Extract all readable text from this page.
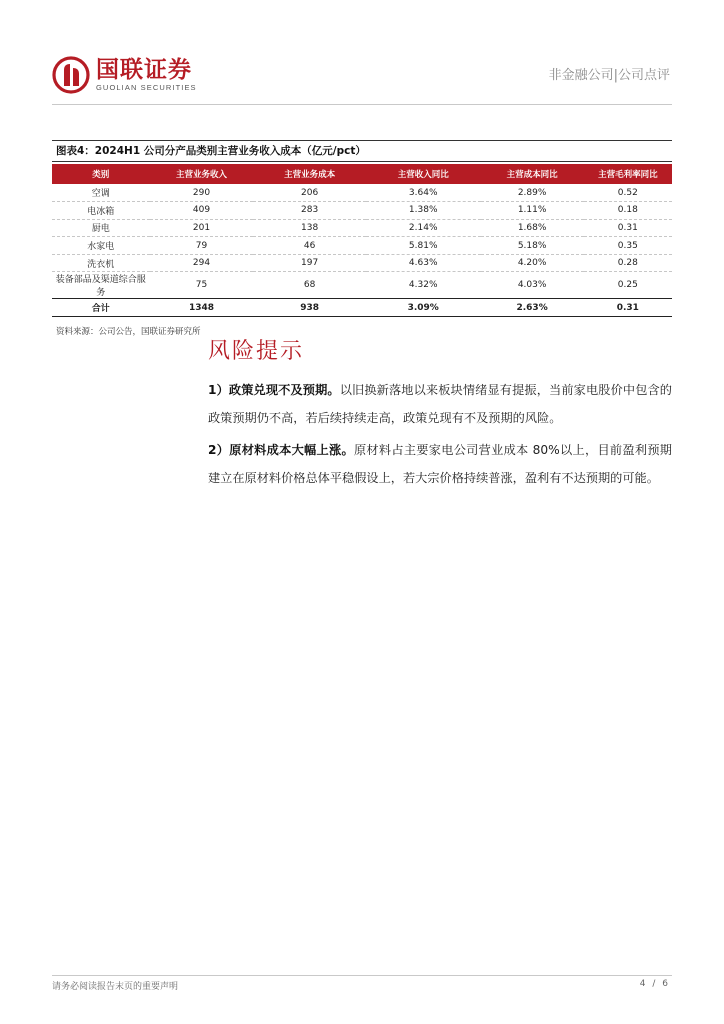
国联证券
GUOLIAN SECURITIES
非金融公司|公司点评
图表4：2024H1 公司分产品类别主营业务收入成本（亿元/pct）
类别	主营业务收入	主营业务成本	主营收入同比	主营成本同比	主营毛利率同比
空调	290	206	3.64%	2.89%	0.52
电冰箱	409	283	1.38%	1.11%	0.18
厨电	201	138	2.14%	1.68%	0.31
水家电	79	46	5.81%	5.18%	0.35
洗衣机	294	197	4.63%	4.20%	0.28
装备部品及渠道综合服务	75	68	4.32%	4.03%	0.25
合计	1348	938	3.09%	2.63%	0.31
资料来源：公司公告，国联证券研究所
风险提示

1）政策兑现不及预期。以旧换新落地以来板块情绪显有提振，当前家电股价中包含的政策预期仍不高，若后续持续走高，政策兑现有不及预期的风险。

2）原材料成本大幅上涨。原材料占主要家电公司营业成本 80%以上，目前盈利预期建立在原材料价格总体平稳假设上，若大宗价格持续普涨，盈利有不达预期的可能。

请务必阅读报告末页的重要声明	4 / 6
